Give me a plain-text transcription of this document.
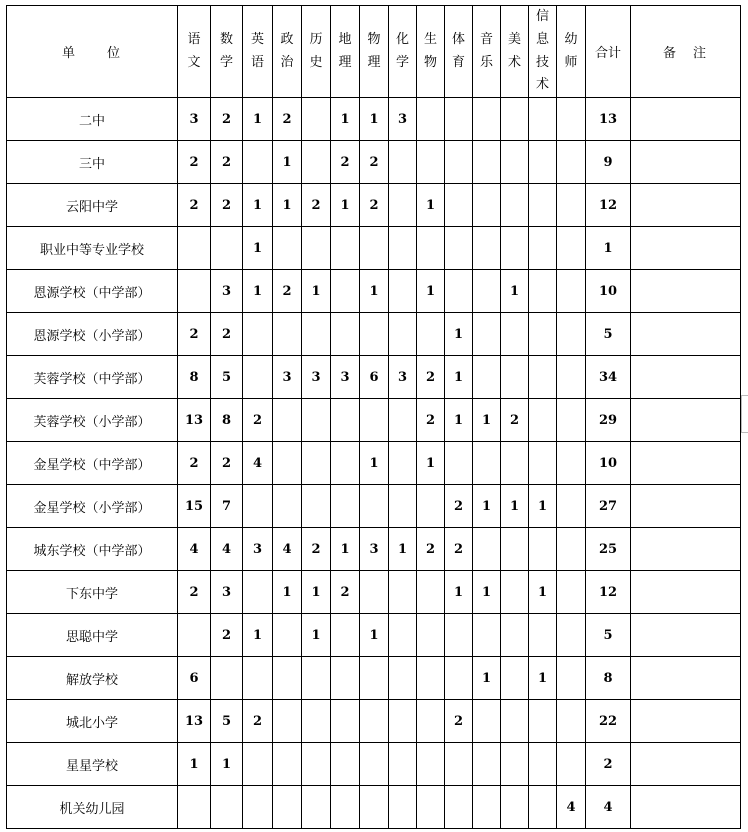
单　　位	语文	数学	英语	政治	历史	地理	物理	化学	生物	体育	音乐	美术	信息技术	幼师	合计	备　注
二中	3	2	1	2		1	1	3							13	
三中	2	2		1		2	2								9	
云阳中学	2	2	1	1	2	1	2		1						12	
职业中等专业学校			1												1	
恩源学校（中学部）		3	1	2	1		1		1			1			10	
恩源学校（小学部）	2	2								1					5	
芙蓉学校（中学部）	8	5		3	3	3	6	3	2	1					34	
芙蓉学校（小学部）	13	8	2						2	1	1	2			29	
金星学校（中学部）	2	2	4				1		1						10	
金星学校（小学部）	15	7								2	1	1	1		27	
城东学校（中学部）	4	4	3	4	2	1	3	1	2	2					25	
下东中学	2	3		1	1	2				1	1		1		12	
思聪中学		2	1		1		1								5	
解放学校	6										1		1		8	
城北小学	13	5	2							2					22	
星星学校	1	1													2	
机关幼儿园														4	4	
